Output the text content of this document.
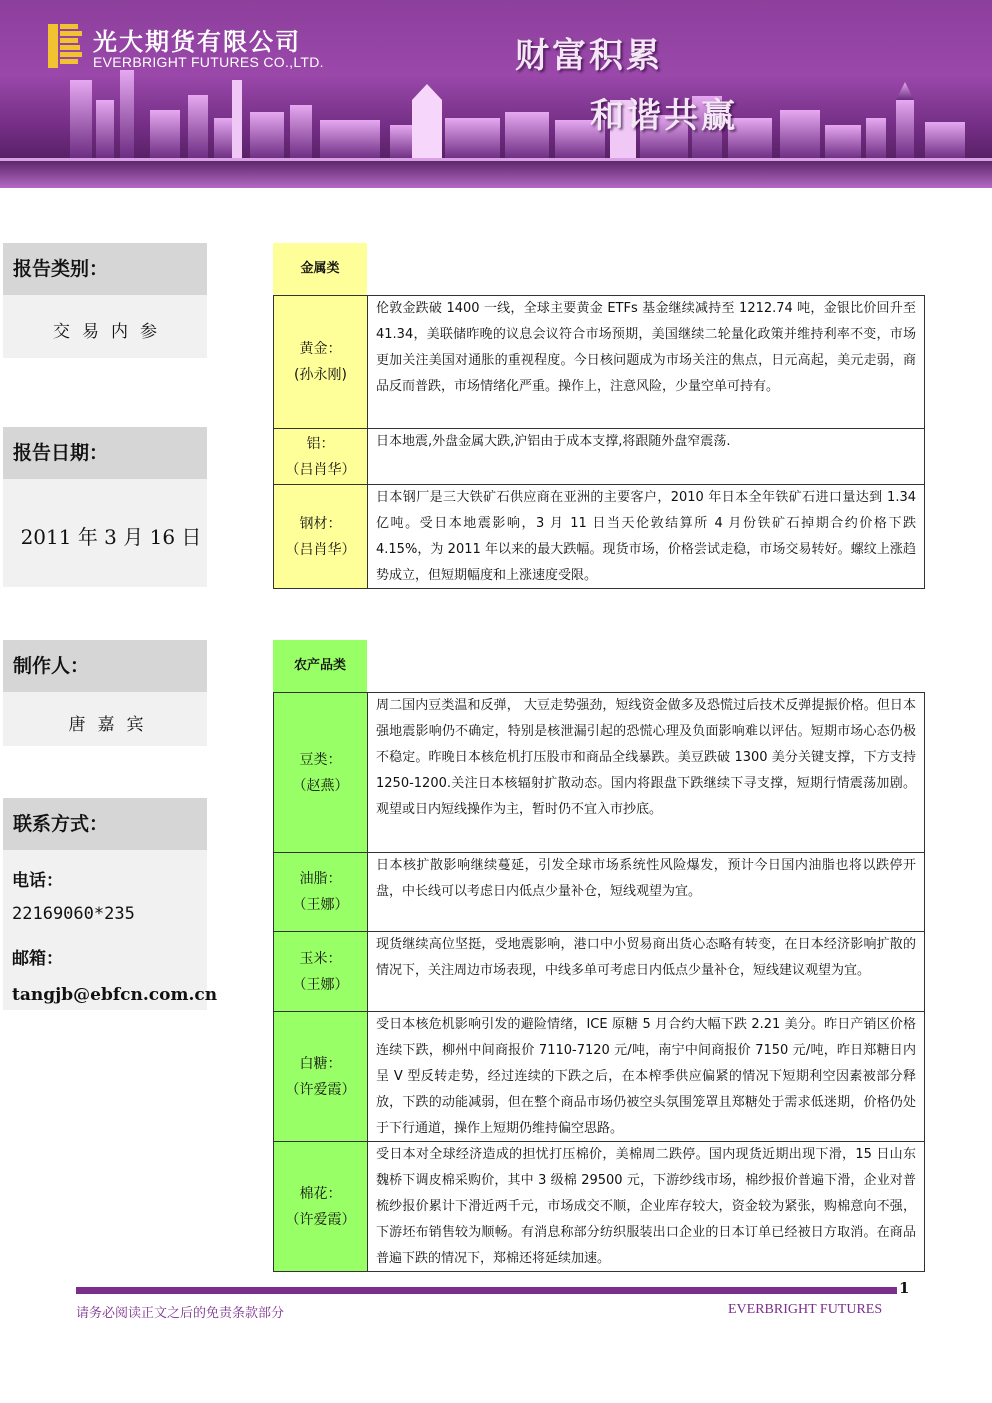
光大期货有限公司
EVERBRIGHT FUTURES CO.,LTD.	财富积累
和谐共赢
报告类别：
交易内参
报告日期：
2011 年 3 月 16 日
制作人：
唐嘉宾
联系方式：
电话：
22169060*235
邮箱：
tangjb@ebfcn.com.cn
金属类
黄金：
(孙永刚)
伦敦金跌破 1400 一线，全球主要黄金 ETFs 基金继续减持至 1212.74 吨，金银比价回升至 41.34，美联储昨晚的议息会议符合市场预期，美国继续二轮量化政策并维持利率不变，市场更加关注美国对通胀的重视程度。今日核问题成为市场关注的焦点，日元高起，美元走弱，商品反而普跌，市场情绪化严重。操作上，注意风险，少量空单可持有。
铝：
（吕肖华）
日本地震,外盘金属大跌,沪铝由于成本支撑,将跟随外盘窄震荡.
钢材：
（吕肖华）
日本钢厂是三大铁矿石供应商在亚洲的主要客户，2010 年日本全年铁矿石进口量达到 1.34 亿吨。受日本地震影响，3 月 11 日当天伦敦结算所 4 月份铁矿石掉期合约价格下跌 4.15%，为 2011 年以来的最大跌幅。现货市场，价格尝试走稳，市场交易转好。螺纹上涨趋势成立，但短期幅度和上涨速度受限。
农产品类
豆类：
（赵燕）
周二国内豆类温和反弹， 大豆走势强劲，短线资金做多及恐慌过后技术反弹提振价格。但日本强地震影响仍不确定，特别是核泄漏引起的恐慌心理及负面影响难以评估。短期市场心态仍极不稳定。昨晚日本核危机打压股市和商品全线暴跌。美豆跌破 1300 美分关键支撑，下方支持 1250-1200.关注日本核辐射扩散动态。国内将跟盘下跌继续下寻支撑，短期行情震荡加剧。观望或日内短线操作为主，暂时仍不宜入市抄底。
油脂：
（王娜）
日本核扩散影响继续蔓延，引发全球市场系统性风险爆发，预计今日国内油脂也将以跌停开盘，中长线可以考虑日内低点少量补仓，短线观望为宜。
玉米：
（王娜）
现货继续高位坚挺，受地震影响，港口中小贸易商出货心态略有转变，在日本经济影响扩散的情况下，关注周边市场表现，中线多单可考虑日内低点少量补仓，短线建议观望为宜。
白糖：
（许爱霞）
受日本核危机影响引发的避险情绪，ICE 原糖 5 月合约大幅下跌 2.21 美分。昨日产销区价格连续下跌，柳州中间商报价 7110-7120 元/吨，南宁中间商报价 7150 元/吨，昨日郑糖日内呈 V 型反转走势，经过连续的下跌之后，在本榨季供应偏紧的情况下短期利空因素被部分释放，下跌的动能减弱，但在整个商品市场仍被空头氛围笼罩且郑糖处于需求低迷期，价格仍处于下行通道，操作上短期仍维持偏空思路。
棉花：
（许爱霞）
受日本对全球经济造成的担忧打压棉价，美棉周二跌停。国内现货近期出现下滑，15 日山东魏桥下调皮棉采购价，其中 3 级棉 29500 元，下游纱线市场，棉纱报价普遍下滑，企业对普梳纱报价累计下滑近两千元，市场成交不顺，企业库存较大，资金较为紧张，购棉意向不强，下游坯布销售较为顺畅。有消息称部分纺织服装出口企业的日本订单已经被日方取消。在商品普遍下跌的情况下，郑棉还将延续加速。
1
请务必阅读正文之后的免责条款部分	EVERBRIGHT FUTURES
